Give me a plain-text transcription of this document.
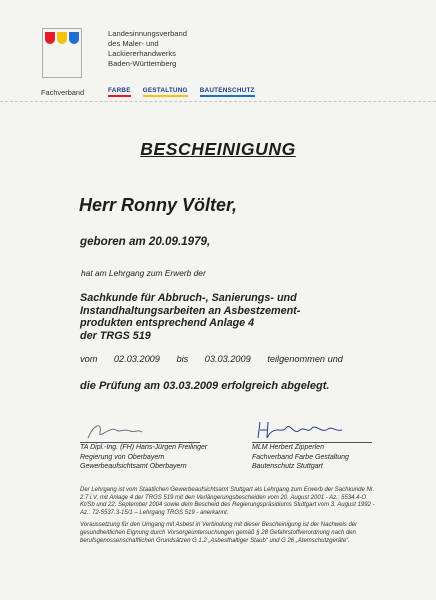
Landesinnungsverband
des Maler- und
Lackiererhandwerks
Baden-Württemberg
Fachverband	FARBE GESTALTUNG BAUTENSCHUTZ
BESCHEINIGUNG
Herr Ronny Völter,
geboren am 20.09.1979,
hat am Lehrgang zum Erwerb der
Sachkunde für Abbruch-, Sanierungs- und
Instandhaltungsarbeiten an Asbestzement-
produkten entsprechend Anlage 4
der TRGS 519
vom 02.03.2009 bis 03.03.2009 teilgenommen und
die Prüfung am 03.03.2009 erfolgreich abgelegt.
TA Dipl.-Ing. (FH) Hans-Jürgen Freilinger
Regierung von Oberbayern
Gewerbeaufsichtsamt Oberbayern
MLM Herbert Zipperlen
Fachverband Farbe Gestaltung
Bautenschutz Stuttgart

Der Lehrgang ist vom Staatlichen Gewerbeaufsichtsamt Stuttgart als Lehrgang zum Erwerb der Sachkunde Nr. 2.7 i.V. mit Anlage 4 der TRGS 519 mit den Verlängerungsbescheiden vom 20. August 2001 - Az.: 5534.4-O Kt/Sb und 22. September 2004 sowie dem Bescheid des Regierungspräsidiums Stuttgart vom 3. August 1992 - Az.: 72-5537.3-15/1 – Lehrgang TRGS 519 - anerkannt.

Voraussetzung für den Umgang mit Asbest in Verbindung mit dieser Bescheinigung ist der Nachweis der gesundheitlichen Eignung durch Vorsorgeuntersuchungen gemäß § 28 Gefahrstoffverordnung nach den berufsgenossenschaftlichen Grundsätzen G 1.2 „Asbesthaltiger Staub“ und G 26 „Atemschutzgeräte“.
